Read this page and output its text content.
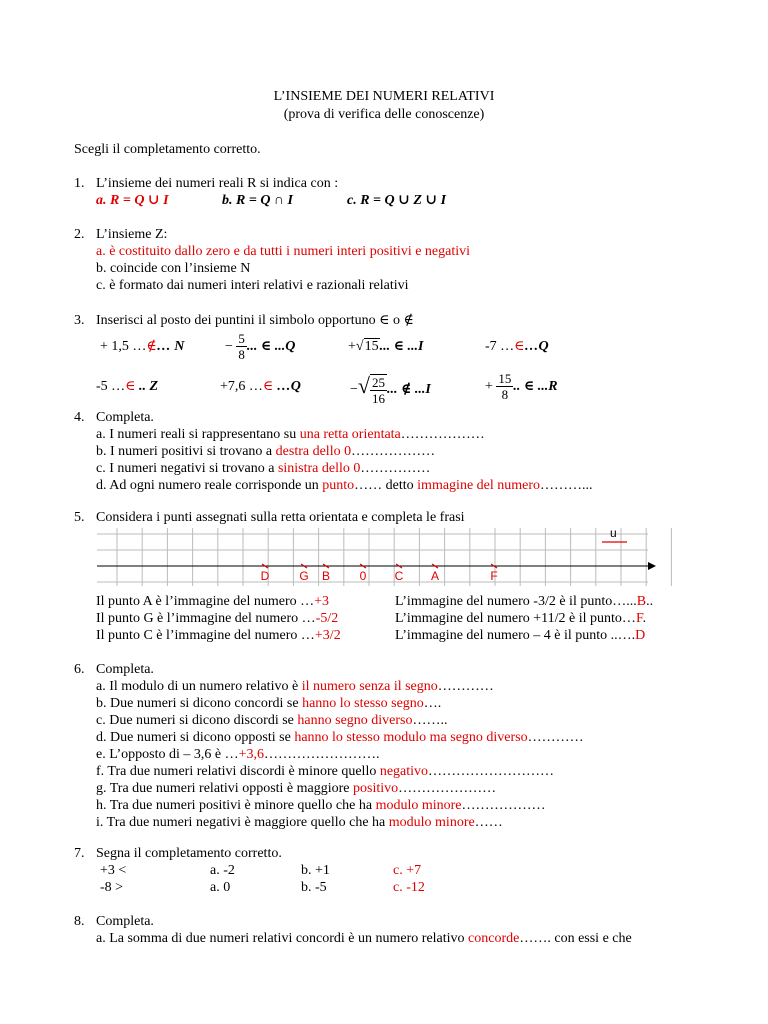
L’INSIEME DEI NUMERI RELATIVI
(prova di verifica delle conoscenze)
Scegli il completamento corretto.
1. L’insieme dei numeri reali R si indica con :
a. R = Q ∪ I	b. R = Q ∩ I	c. R = Q ∪ Z ∪ I
2. L’insieme Z:
a. è costituito dallo zero e da tutti i numeri interi positivi e negativi
b. coincide con l’insieme N
c. è formato dai numeri interi relativi e razionali relativi
3. Inserisci al posto dei puntini il simbolo opportuno ∈ o ∉
+ 1,5 …∉… N	− $\frac{5}{8}$ ... ∈ ...Q	+√15... ∈ ...I	-7 …∈…Q
-5 …∈ .. Z	+7,6 …∈ …Q	−√ $\frac{25}{16}$ ... ∉ ...I	+ $\frac{15}{8}$ .. ∈ ...R
4. Completa.
a. I numeri reali si rappresentano su una retta orientata………………
b. I numeri positivi si trovano a destra dello 0………………
c. I numeri negativi si trovano a sinistra dello 0……………
d. Ad ogni numero reale corrisponde un punto…… detto immagine del numero………...
5. Considera i punti assegnati sulla retta orientata e completa le frasi
u
D G B 0 C A	F
Il punto A è l’immagine del numero …+3
Il punto G è l’immagine del numero …-5/2
Il punto C è l’immagine del numero …+3/2
L’immagine del numero -3/2 è il punto…...B..
L’immagine del numero +11/2 è il punto…F.
L’immagine del numero – 4 è il punto ..….D
6. Completa.
a. Il modulo di un numero relativo è il numero senza il segno…………
b. Due numeri si dicono concordi se hanno lo stesso segno….
c. Due numeri si dicono discordi se hanno segno diverso……..
d. Due numeri si dicono opposti se hanno lo stesso modulo ma segno diverso…………
e. L’opposto di – 3,6 è …+3,6…………………….
f. Tra due numeri relativi discordi è minore quello negativo………………………
g. Tra due numeri relativi opposti è maggiore positivo…………………
h. Tra due numeri positivi è minore quello che ha modulo minore………………
i. Tra due numeri negativi è maggiore quello che ha modulo minore……
7. Segna il completamento corretto.
+3 <	a. -2	b. +1	c. +7
-8 >	a. 0	b. -5	c. -12
8. Completa.
a. La somma di due numeri relativi concordi è un numero relativo concorde……. con essi e che
